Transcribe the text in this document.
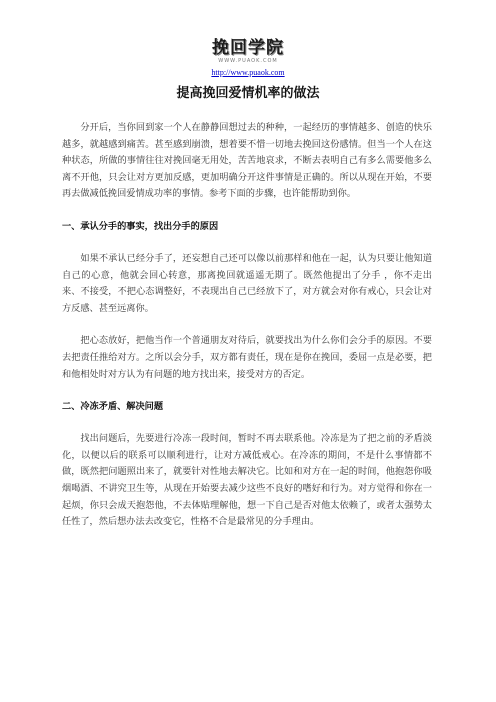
挽回学院
WWW.PUAOK.COM
http://www.puaok.com
提高挽回爱情机率的做法

分开后，当你回到家一个人在静静回想过去的种种，一起经历的事情越多、创造的快乐越多，就越感到痛苦。甚至感到崩溃，想着要不惜一切地去挽回这份感情。但当一个人在这种状态，所做的事情往往对挽回毫无用处，苦苦地哀求，不断去表明自己有多么需要他多么离不开他，只会让对方更加反感，更加明确分开这件事情是正确的。所以从现在开始，不要再去做减低挽回爱情成功率的事情。参考下面的步骤，也许能帮助到你。

一、承认分手的事实，找出分手的原因

如果不承认已经分手了，还妄想自己还可以像以前那样和他在一起，认为只要让他知道自己的心意，他就会回心转意，那离挽回就遥遥无期了。既然他提出了分手 ，你不走出来、不接受，不把心态调整好，不表现出自己已经放下了，对方就会对你有戒心，只会让对方反感、甚至远离你。

把心态放好，把他当作一个普通朋友对待后，就要找出为什么你们会分手的原因。不要去把责任推给对方。之所以会分手，双方都有责任，现在是你在挽回，委屈一点是必要，把和他相处时对方认为有问题的地方找出来，接受对方的否定。

二、冷冻矛盾、解决问题

找出问题后，先要进行冷冻一段时间，暂时不再去联系他。冷冻是为了把之前的矛盾淡化，以便以后的联系可以顺利进行，让对方减低戒心。在冷冻的期间，不是什么事情都不做，既然把问题照出来了，就要针对性地去解决它。比如和对方在一起的时间，他抱怨你吸烟喝酒、不讲究卫生等，从现在开始要去减少这些不良好的嗜好和行为。对方觉得和你在一起烦，你只会成天抱怨他，不去体贴理解他，想一下自己是否对他太依赖了，或者太强势太任性了，然后想办法去改变它，性格不合是最常见的分手理由。
